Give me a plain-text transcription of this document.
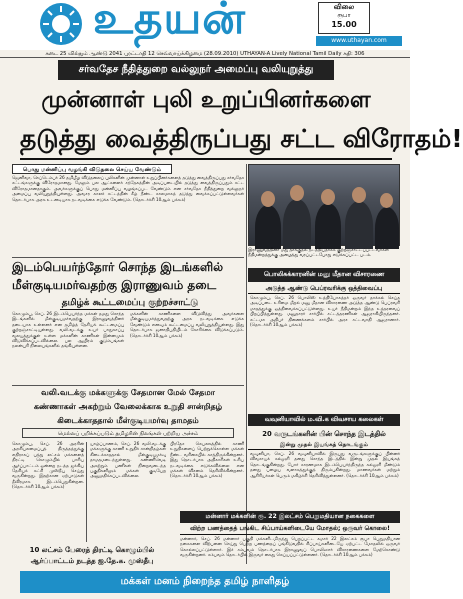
உதயன்	விலை
ரூபா
15.00
www.uthayan.com
கடை 25 வில்தும் ஆண்டு 2041 புரட்டாதி 12 செவ்வாய்க்கிழமை (28.09.2010) UTHAYAN-A Lively National Tamil Daily கதி: 306
சர்வதேச நீதித்துறை வல்லுநர் அமைப்பு வலியுறுத்து
முன்னாள் புலி உறுப்பினர்களை
தடுத்து வைத்திருப்பது சட்ட விரோதம்!
பொது மன்னிப்பு வழங்கி விடுதலை செய்ய வேண்டும்
ஜெனிவா, செப்டெம்பர் 26 தமிழீழ விடுதலைப் புலிகளின் முன்னாள் உறுப்பினர்களைத் தடுத்து வைத்திருப்பது சர்வதேச சட்டங்களுக்கு விரோதமானது. மேலும் பல ஆட்களைச் சந்தேகத்தின் அடிப்படையில் தடுத்து வைத்திருப்பதும் சட்ட விரோதமானதாகும். அவர்களுக்குப் பொது மன்னிப்பு வழங்கப்பட வேண்டும் என சர்வதேச நீதித்துறை வல்லுநர் அமைப்பு வலியுறுத்தியுள்ளது. அவசர காலச் சட்டத்தின் கீழ் நீண்ட காலமாகத் தடுத்து வைக்கப்பட்டுள்ளவர்கள் தொடர்பாக அரசு உடனடியாக நடவடிக்கை எடுக்க வேண்டும். (தொடர்ச்சி 10ஆம் பக்கம்)
இராணுவத்தினர் மீது தாக்குதல் நடத்தியதாகக் குற்றஞ்சாட்டப்பட்டவர்கள் நீதிமன்றத்துக்கு அழைத்து வரப்பட்டபோது எடுக்கப்பட்ட படம்.
இடம்பெயர்ந்தோர் சொந்த இடங்களில்
மீள்குடியமர்வதற்கு இராணுவம் தடை
தமிழ்க் கூட்டமைப்பு குற்றச்சாட்டு
கொழும்பு, செப். 26 இடம்பெயர்ந்த மக்கள் தமது சொந்த இடங்களில் மீள்குடியமர்வதற்கு இராணுவத்தினர் தடையாக உள்ளனர் என தமிழ்த் தேசியக் கூட்டமைப்பு குற்றஞ்சாட்டியுள்ளது. வலி.வடக்கு உயர் பாதுகாப்பு வலயத்துக்குள் உள்ள மக்களின் காணிகள் இன்னமும் விடுவிக்கப்படவில்லை. பல ஆயிரம் குடும்பங்கள் நலன்புரி நிலையங்களில் தங்கியுள்ளன.
மக்களின் காணிகளை விடுவித்து அவர்களை மீள்குடியமர்த்துவதற்கு அரசு நடவடிக்கை எடுக்க வேண்டும் எனவும் கூட்டமைப்பு வலியுறுத்தியுள்ளது. இது தொடர்பாக ஜனாதிபதியிடம் கோரிக்கை விடுக்கப்படும். (தொடர்ச்சி 10ஆம் பக்கம்)
பொலிசுக்காரனின் மனு மீதான விசாரணை
அடுத்த ஆண்டு பெப்ரவரிக்கு ஒத்திவைப்பு
கொழும்பு, செப். 26 பொலிஸ் உத்தியோகத்தர் ஒருவர் தாக்கல் செய்த அடிப்படை உரிமை மீறல் மனு மீதான விசாரணை அடுத்த ஆண்டு பெப்ரவரி மாதத்துக்கு ஒத்திவைக்கப்பட்டுள்ளது. உயர் நீதிமன்றம் இந்த உத்தரவைப் பிறப்பித்துள்ளது. மனுதாரர் சார்பில் சட்டத்தரணிகள் ஆஜராகியிருந்தனர். சட்டமா அதிபர் திணைக்களம் சார்பில் அரச சட்டவாதி ஆஜரானார். (தொடர்ச்சி 10ஆம் பக்கம்)
வலி.வடக்கு மக்களுக்கு சேதமான மேல் சேதமா
கண்ணாகள் அகற்றும் வேலைக்காக உறுதி சான்றிதழ்
கிடைக்காததால் மீள்குடியமர்வு தாமதம்
மெல்லப் பறிக்கப்படும் தமிழரின் நிலங்கள் பற்றிய அச்சம்
யாழ்ப்பாணம், செப். 26 வலி.வடக்கு மக்களுக்கு காணி உறுதிச் சான்றிதழ்கள் கிடைக்காததால் மீள்குடியமர்வு தாமதமடைந்துள்ளது. கண்ணிவெடி அகற்றும் பணிகள் நிறைவடைந்த பகுதிகளிலும் மக்கள் குடியேற அனுமதிக்கப்படவில்லை.
பிரதேச செயலகத்தில் காணி உறுதிகளைப் பெற்றுக்கொள்ள மக்கள் நீண்ட வரிசையில் காத்திருக்கின்றனர். இது தொடர்பாக அதிகாரிகள் உரிய நடவடிக்கை எடுக்கவில்லை என மக்கள் விசனம் தெரிவிக்கின்றனர். (தொடர்ச்சி 10ஆம் பக்கம்)
வவுனியாவில் ம.வி.க விவசாய கலைகள்
20 வருடங்களின் பின் சொந்த இடத்தில்
இன்று முதல் இயங்கத் தொடங்கும்
வவுனியா, செப். 26 வவுனியாவில் இருபது வருடங்களுக்குப் பின்னர் விவசாயக் கல்லூரி தனது சொந்த இடத்தில் இன்று முதல் இயங்கத் தொடங்குகின்றது. போர் காரணமாக இடம்பெயர்ந்திருந்த கல்லூரி மீண்டும் தனது பழைய வளாகத்துக்குத் திரும்புகின்றது. மாணவர்கள் மற்றும் ஆசிரியர்கள் பெரும் மகிழ்ச்சி தெரிவித்துள்ளனர். (தொடர்ச்சி 10ஆம் பக்கம்)
கொழும்பு, செப். 26 அரசின் அரசியலமைப்புத் திருத்தத்துக்கு எதிராகப் பத்து லட்சம் மக்களைத் திரட்டி கொழும்பில் பாரிய ஆர்ப்பாட்டம் ஒன்றை நடத்த ஐக்கிய தேசியக் கட்சி முஸ்தீபு செய்து வருகின்றது. இதற்கான ஏற்பாடுகள் தீவிரமாக இடம்பெறுகின்றன. (தொடர்ச்சி 10ஆம் பக்கம்)
மன்னார் மக்களின் ரூ. 22 இலட்சம் பெறுமதியான நகைகளை
விற்ற பணத்தைத் பங்கிட சிப்பாய்களிடையே மோதல்; ஒருவர் கொலை!
மன்னார், செப். 26 மன்னார் பகுதி மக்களிடமிருந்து பெறப்பட்ட சுமார் 22 இலட்சம் ரூபா பெறுமதியான நகைகளை விற்பனை செய்து பெற்ற பணத்தைப் பங்கிடுவதில் சிப்பாய்களிடையே ஏற்பட்ட மோதலில் ஒருவர் கொல்லப்பட்டுள்ளார். இச் சம்பவம் தொடர்பாக இராணுவப் பொலிஸார் விசாரணைகளை மேற்கொண்டு வருகின்றனர். சம்பவம் தொடர்பில் இருவர் கைது செய்யப்பட்டுள்ளனர். (தொடர்ச்சி 10ஆம் பக்கம்)
10 லட்சம் பேரைத் திரட்டி கொழும்பில்
ஆர்ப்பாட்டம் நடத்த ஐ.தே.க. முஸ்தீபு
மக்கள் மனம் நிறைந்த தமிழ் நாளிதழ்
